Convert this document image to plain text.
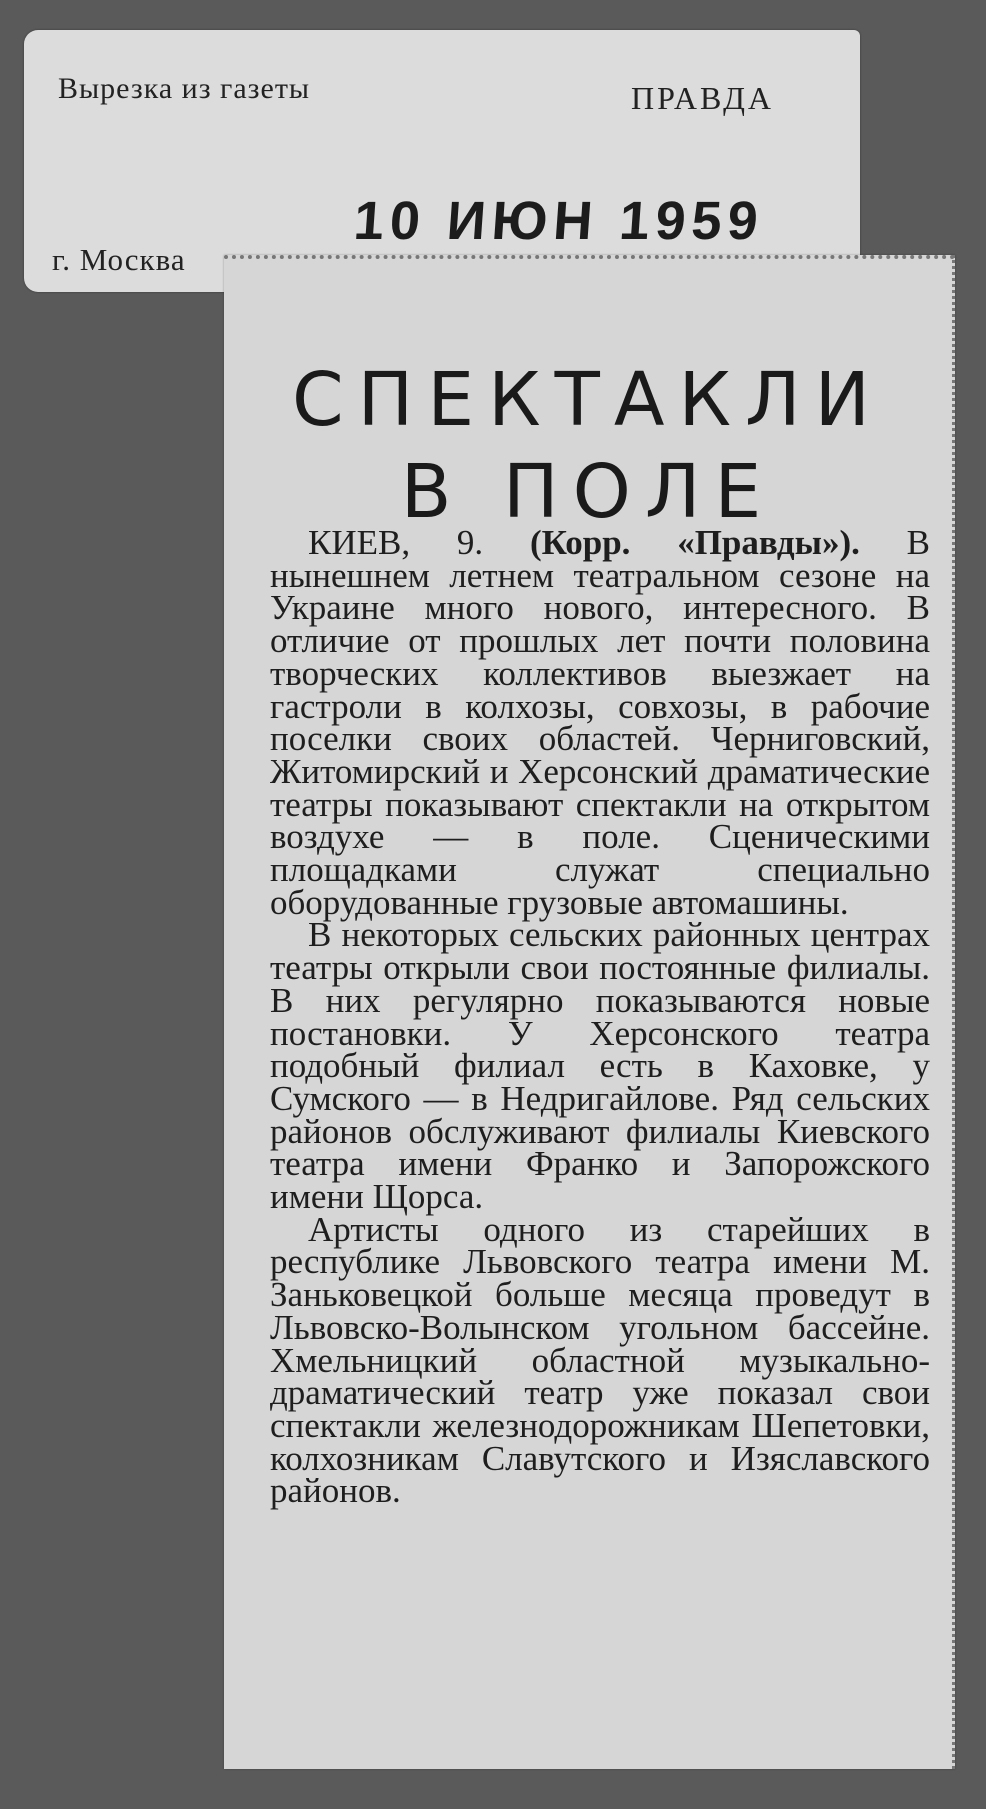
Вырезка из газеты	ПРАВДА
г. Москва
10 ИЮН 1959
СПЕКТАКЛИ
В ПОЛЕ

КИЕВ, 9. (Корр. «Правды»). В нынешнем летнем театральном сезоне на Украине много нового, интересного. В отличие от прошлых лет почти половина творческих коллективов выезжает на гастроли в колхозы, совхозы, в рабочие поселки своих областей. Черниговский, Житомирский и Херсонский драматические театры показывают спектакли на открытом воздухе — в поле. Сценическими площадками служат специально оборудованные грузовые автомашины.

В некоторых сельских районных центрах театры открыли свои постоянные филиалы. В них регулярно показываются новые постановки. У Херсонского театра подобный филиал есть в Каховке, у Сумского — в Недригайлове. Ряд сельских районов обслуживают филиалы Киевского театра имени Франко и Запорожского имени Щорса.

Артисты одного из старейших в республике Львовского театра имени М. Заньковецкой больше месяца проведут в Львовско-Волынском угольном бассейне. Хмельницкий областной музыкально-драматический театр уже показал свои спектакли железнодорожникам Шепетовки, колхозникам Славутского и Изяславского районов.
